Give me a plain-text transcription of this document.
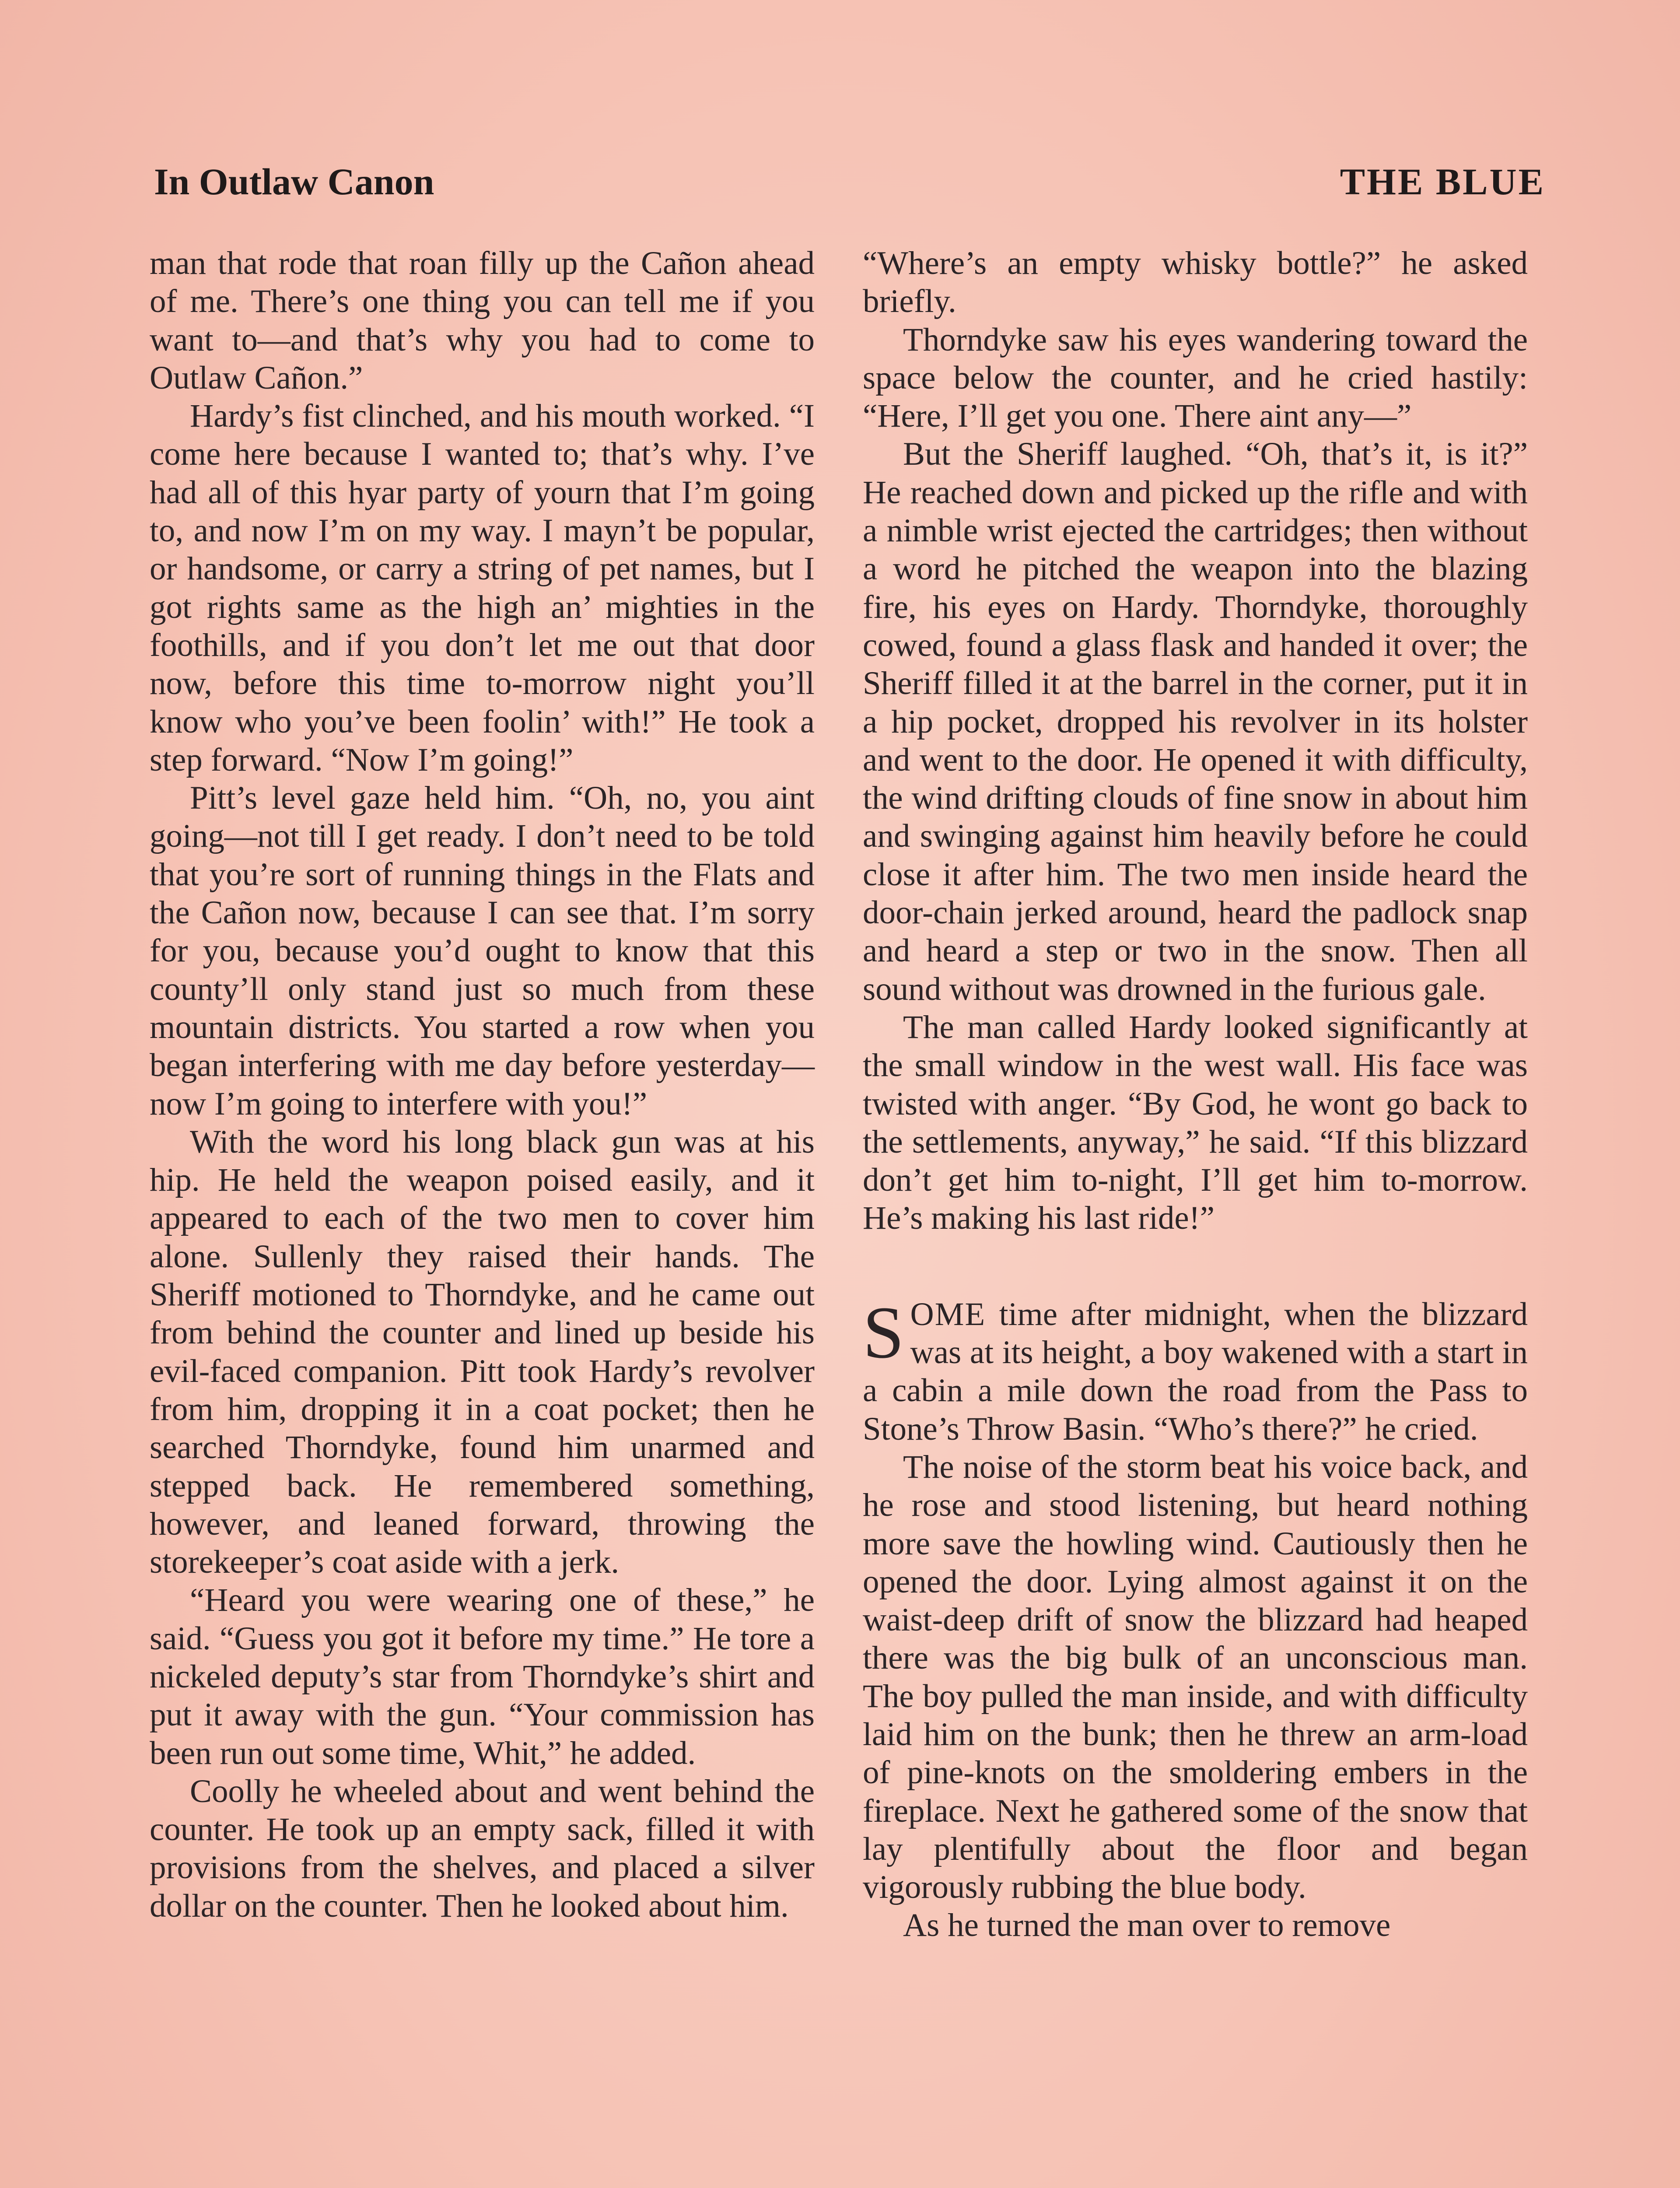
In Outlaw Canon	THE BLUE

man that rode that roan filly up the Cañon ahead of me. There’s one thing you can tell me if you want to—and that’s why you had to come to Outlaw Cañon.”

Hardy’s fist clinched, and his mouth worked. “I come here because I wanted to; that’s why. I’ve had all of this hyar party of yourn that I’m going to, and now I’m on my way. I mayn’t be popular, or handsome, or carry a string of pet names, but I got rights same as the high an’ mighties in the foothills, and if you don’t let me out that door now, before this time to-morrow night you’ll know who you’ve been foolin’ with!” He took a step forward. “Now I’m going!”

Pitt’s level gaze held him. “Oh, no, you aint going—not till I get ready. I don’t need to be told that you’re sort of running things in the Flats and the Cañon now, because I can see that. I’m sorry for you, because you’d ought to know that this county’ll only stand just so much from these mountain districts. You started a row when you began interfering with me day before yesterday—now I’m going to interfere with you!”

With the word his long black gun was at his hip. He held the weapon poised easily, and it appeared to each of the two men to cover him alone. Sullenly they raised their hands. The Sheriff motioned to Thorndyke, and he came out from behind the counter and lined up beside his evil-faced companion. Pitt took Hardy’s revolver from him, dropping it in a coat pocket; then he searched Thorndyke, found him unarmed and stepped back. He remembered something, however, and leaned forward, throwing the storekeeper’s coat aside with a jerk.

“Heard you were wearing one of these,” he said. “Guess you got it before my time.” He tore a nickeled deputy’s star from Thorndyke’s shirt and put it away with the gun. “Your commission has been run out some time, Whit,” he added.

Coolly he wheeled about and went behind the counter. He took up an empty sack, filled it with provisions from the shelves, and placed a silver dollar on the counter. Then he looked about him.

“Where’s an empty whisky bottle?” he asked briefly.

Thorndyke saw his eyes wandering toward the space below the counter, and he cried hastily: “Here, I’ll get you one. There aint any—”

But the Sheriff laughed. “Oh, that’s it, is it?” He reached down and picked up the rifle and with a nimble wrist ejected the cartridges; then without a word he pitched the weapon into the blazing fire, his eyes on Hardy. Thorndyke, thoroughly cowed, found a glass flask and handed it over; the Sheriff filled it at the barrel in the corner, put it in a hip pocket, dropped his revolver in its holster and went to the door. He opened it with difficulty, the wind drifting clouds of fine snow in about him and swinging against him heavily before he could close it after him. The two men inside heard the door-chain jerked around, heard the padlock snap and heard a step or two in the snow. Then all sound without was drowned in the furious gale.

The man called Hardy looked significantly at the small window in the west wall. His face was twisted with anger. “By God, he wont go back to the settlements, anyway,” he said. “If this blizzard don’t get him to-night, I’ll get him to-morrow. He’s making his last ride!”

SOME time after midnight, when the blizzard was at its height, a boy wakened with a start in a cabin a mile down the road from the Pass to Stone’s Throw Basin. “Who’s there?” he cried.

The noise of the storm beat his voice back, and he rose and stood listening, but heard nothing more save the howling wind. Cautiously then he opened the door. Lying almost against it on the waist-deep drift of snow the blizzard had heaped there was the big bulk of an unconscious man. The boy pulled the man inside, and with difficulty laid him on the bunk; then he threw an arm-load of pine-knots on the smoldering embers in the fireplace. Next he gathered some of the snow that lay plentifully about the floor and began vigorously rubbing the blue body.

As he turned the man over to remove
